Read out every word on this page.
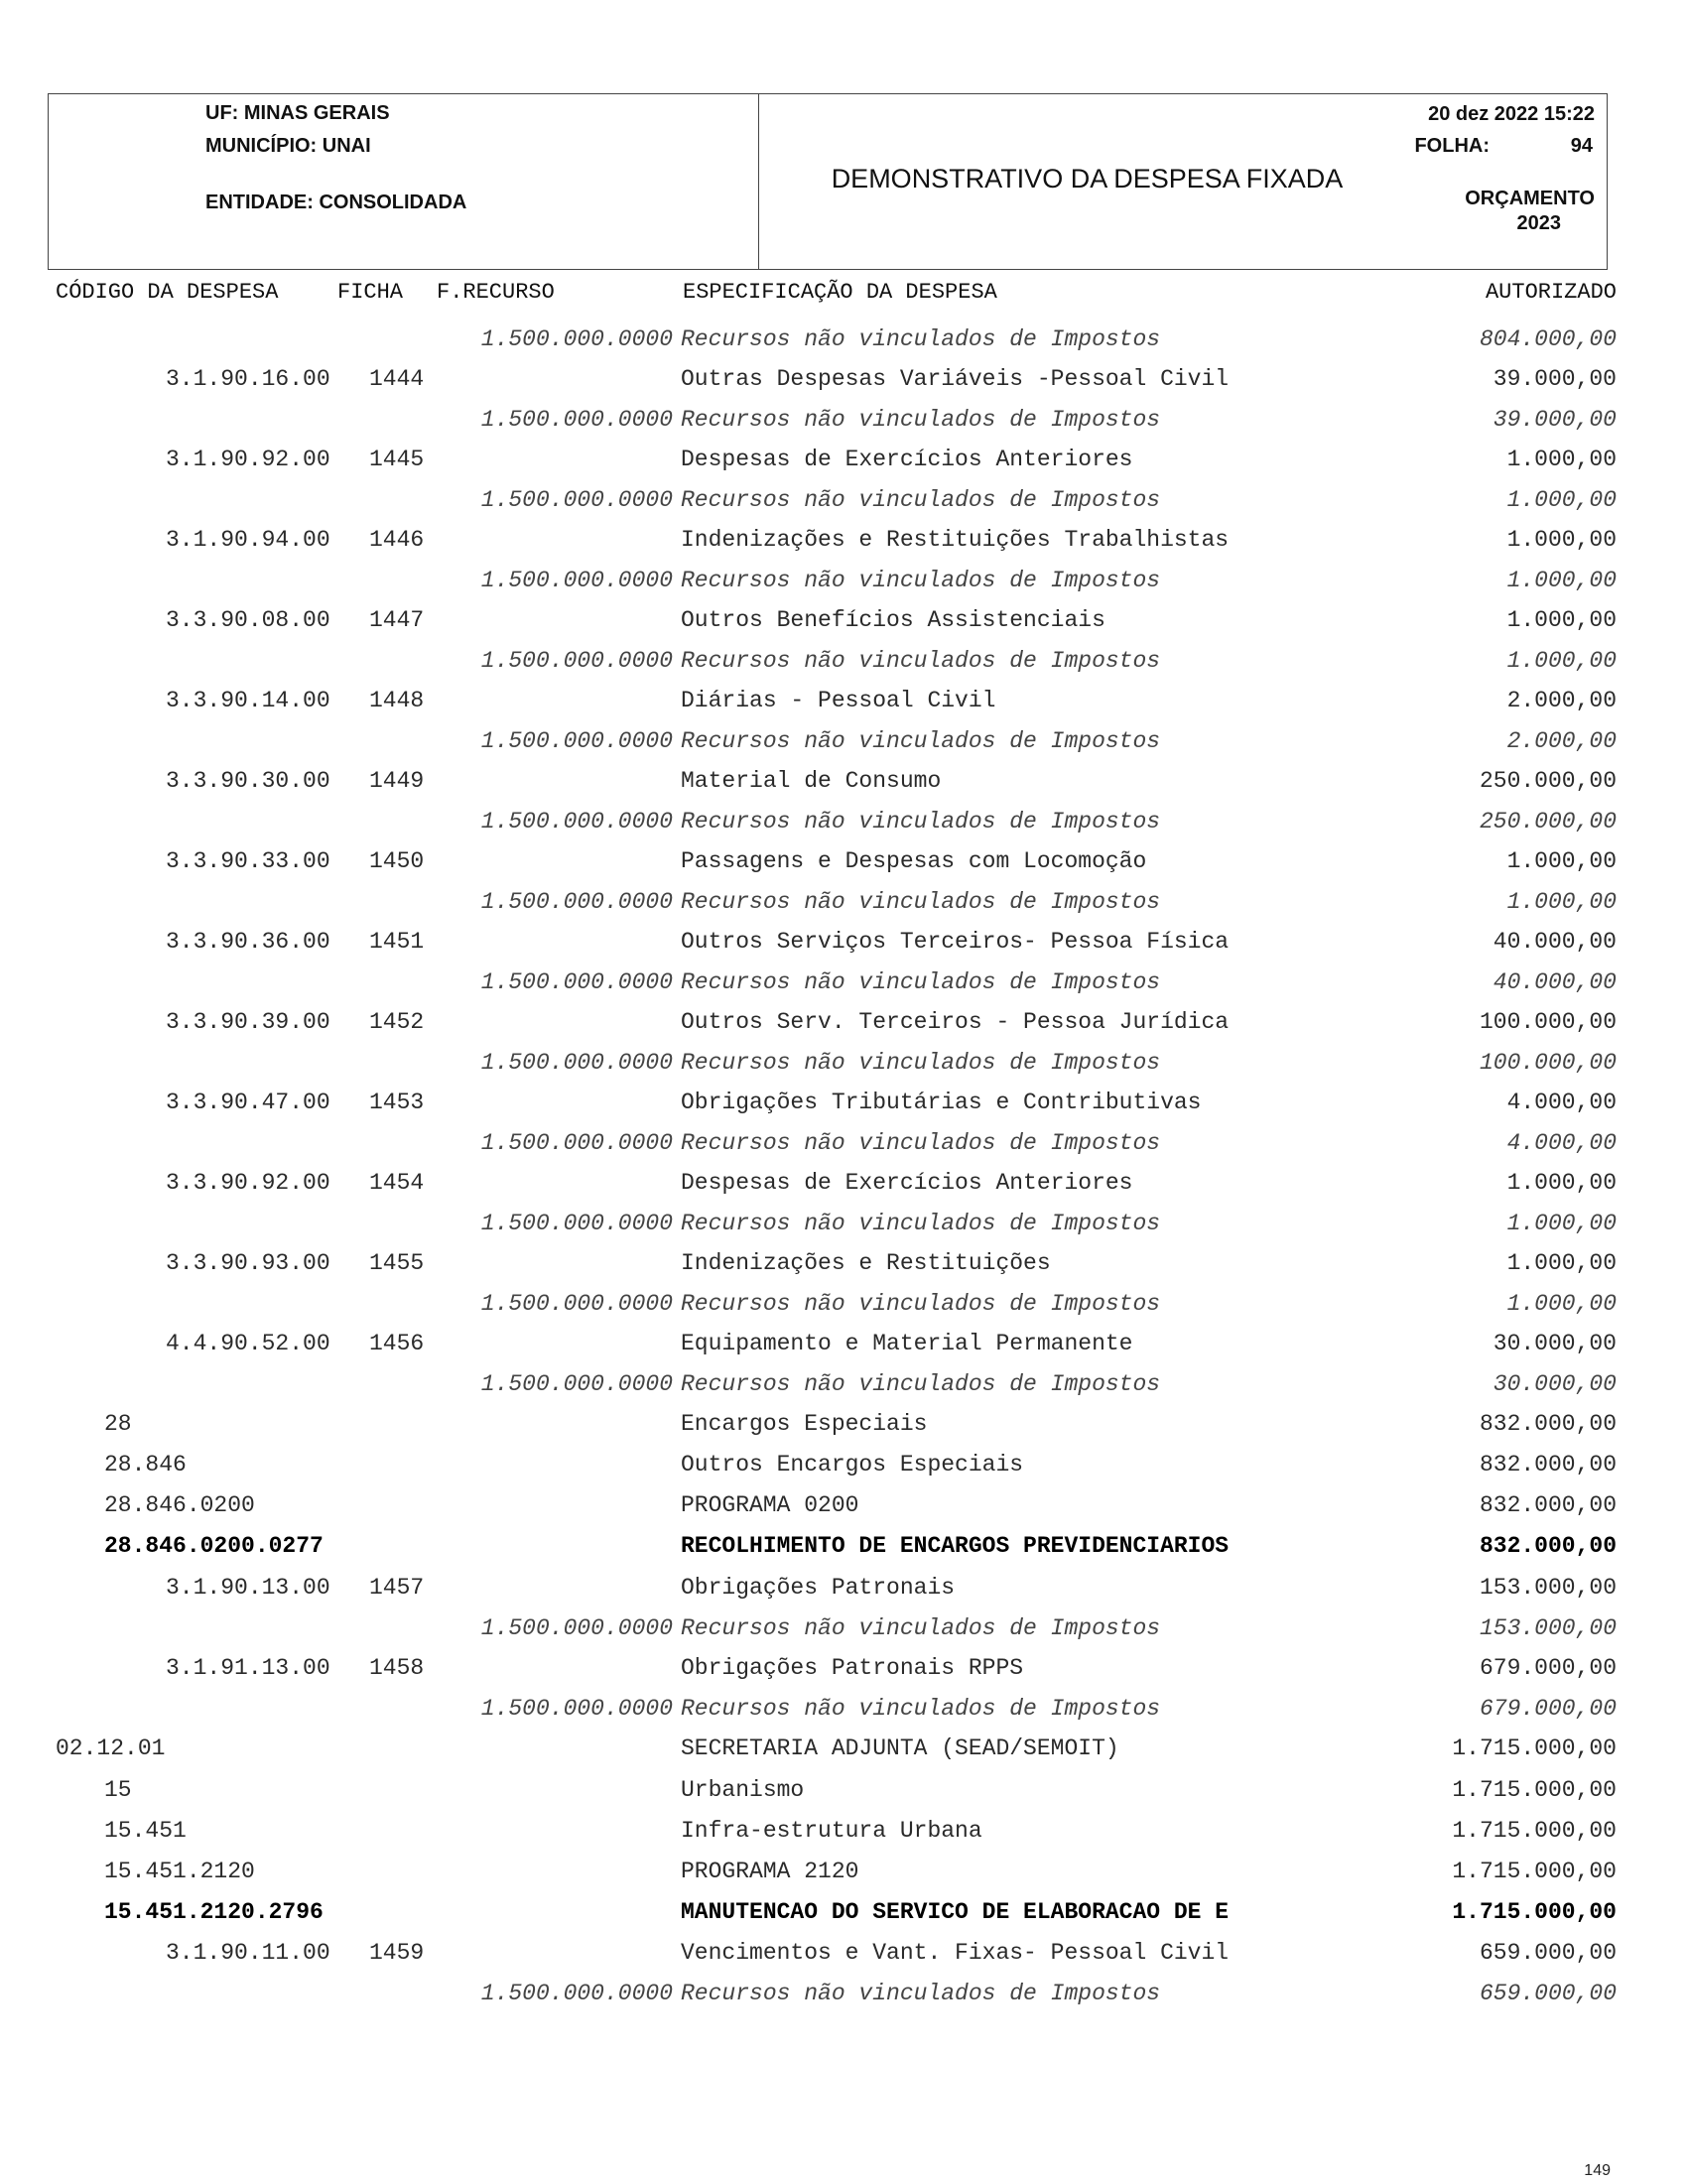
UF: MINAS GERAIS
MUNICÍPIO: UNAI
ENTIDADE: CONSOLIDADA
DEMONSTRATIVO DA DESPESA FIXADA
20 dez 2022 15:22
FOLHA:	94
ORÇAMENTO
2023
CÓDIGO DA DESPESA	FICHA F.RECURSO	ESPECIFICAÇÃO DA DESPESA	AUTORIZADO
1.500.000.0000 Recursos não vinculados de Impostos	804.000,00
3.1.90.16.00 1444	Outras Despesas Variáveis -Pessoal Civil	39.000,00
1.500.000.0000 Recursos não vinculados de Impostos	39.000,00
3.1.90.92.00 1445	Despesas de Exercícios Anteriores	1.000,00
1.500.000.0000 Recursos não vinculados de Impostos	1.000,00
3.1.90.94.00 1446	Indenizações e Restituições Trabalhistas	1.000,00
1.500.000.0000 Recursos não vinculados de Impostos	1.000,00
3.3.90.08.00 1447	Outros Benefícios Assistenciais	1.000,00
1.500.000.0000 Recursos não vinculados de Impostos	1.000,00
3.3.90.14.00 1448	Diárias - Pessoal Civil	2.000,00
1.500.000.0000 Recursos não vinculados de Impostos	2.000,00
3.3.90.30.00 1449	Material de Consumo	250.000,00
1.500.000.0000 Recursos não vinculados de Impostos	250.000,00
3.3.90.33.00 1450	Passagens e Despesas com Locomoção	1.000,00
1.500.000.0000 Recursos não vinculados de Impostos	1.000,00
3.3.90.36.00 1451	Outros Serviços Terceiros- Pessoa Física	40.000,00
1.500.000.0000 Recursos não vinculados de Impostos	40.000,00
3.3.90.39.00 1452	Outros Serv. Terceiros - Pessoa Jurídica	100.000,00
1.500.000.0000 Recursos não vinculados de Impostos	100.000,00
3.3.90.47.00 1453	Obrigações Tributárias e Contributivas	4.000,00
1.500.000.0000 Recursos não vinculados de Impostos	4.000,00
3.3.90.92.00 1454	Despesas de Exercícios Anteriores	1.000,00
1.500.000.0000 Recursos não vinculados de Impostos	1.000,00
3.3.90.93.00 1455	Indenizações e Restituições	1.000,00
1.500.000.0000 Recursos não vinculados de Impostos	1.000,00
4.4.90.52.00 1456	Equipamento e Material Permanente	30.000,00
1.500.000.0000 Recursos não vinculados de Impostos	30.000,00
28	Encargos Especiais	832.000,00
28.846	Outros Encargos Especiais	832.000,00
28.846.0200	PROGRAMA 0200	832.000,00
28.846.0200.0277	RECOLHIMENTO DE ENCARGOS PREVIDENCIARIOS	832.000,00
3.1.90.13.00 1457	Obrigações Patronais	153.000,00
1.500.000.0000 Recursos não vinculados de Impostos	153.000,00
3.1.91.13.00 1458	Obrigações Patronais RPPS	679.000,00
1.500.000.0000 Recursos não vinculados de Impostos	679.000,00
02.12.01	SECRETARIA ADJUNTA (SEAD/SEMOIT)	1.715.000,00
15	Urbanismo	1.715.000,00
15.451	Infra-estrutura Urbana	1.715.000,00
15.451.2120	PROGRAMA 2120	1.715.000,00
15.451.2120.2796	MANUTENCAO DO SERVICO DE ELABORACAO DE E	1.715.000,00
3.1.90.11.00 1459	Vencimentos e Vant. Fixas- Pessoal Civil	659.000,00
1.500.000.0000 Recursos não vinculados de Impostos	659.000,00
149
